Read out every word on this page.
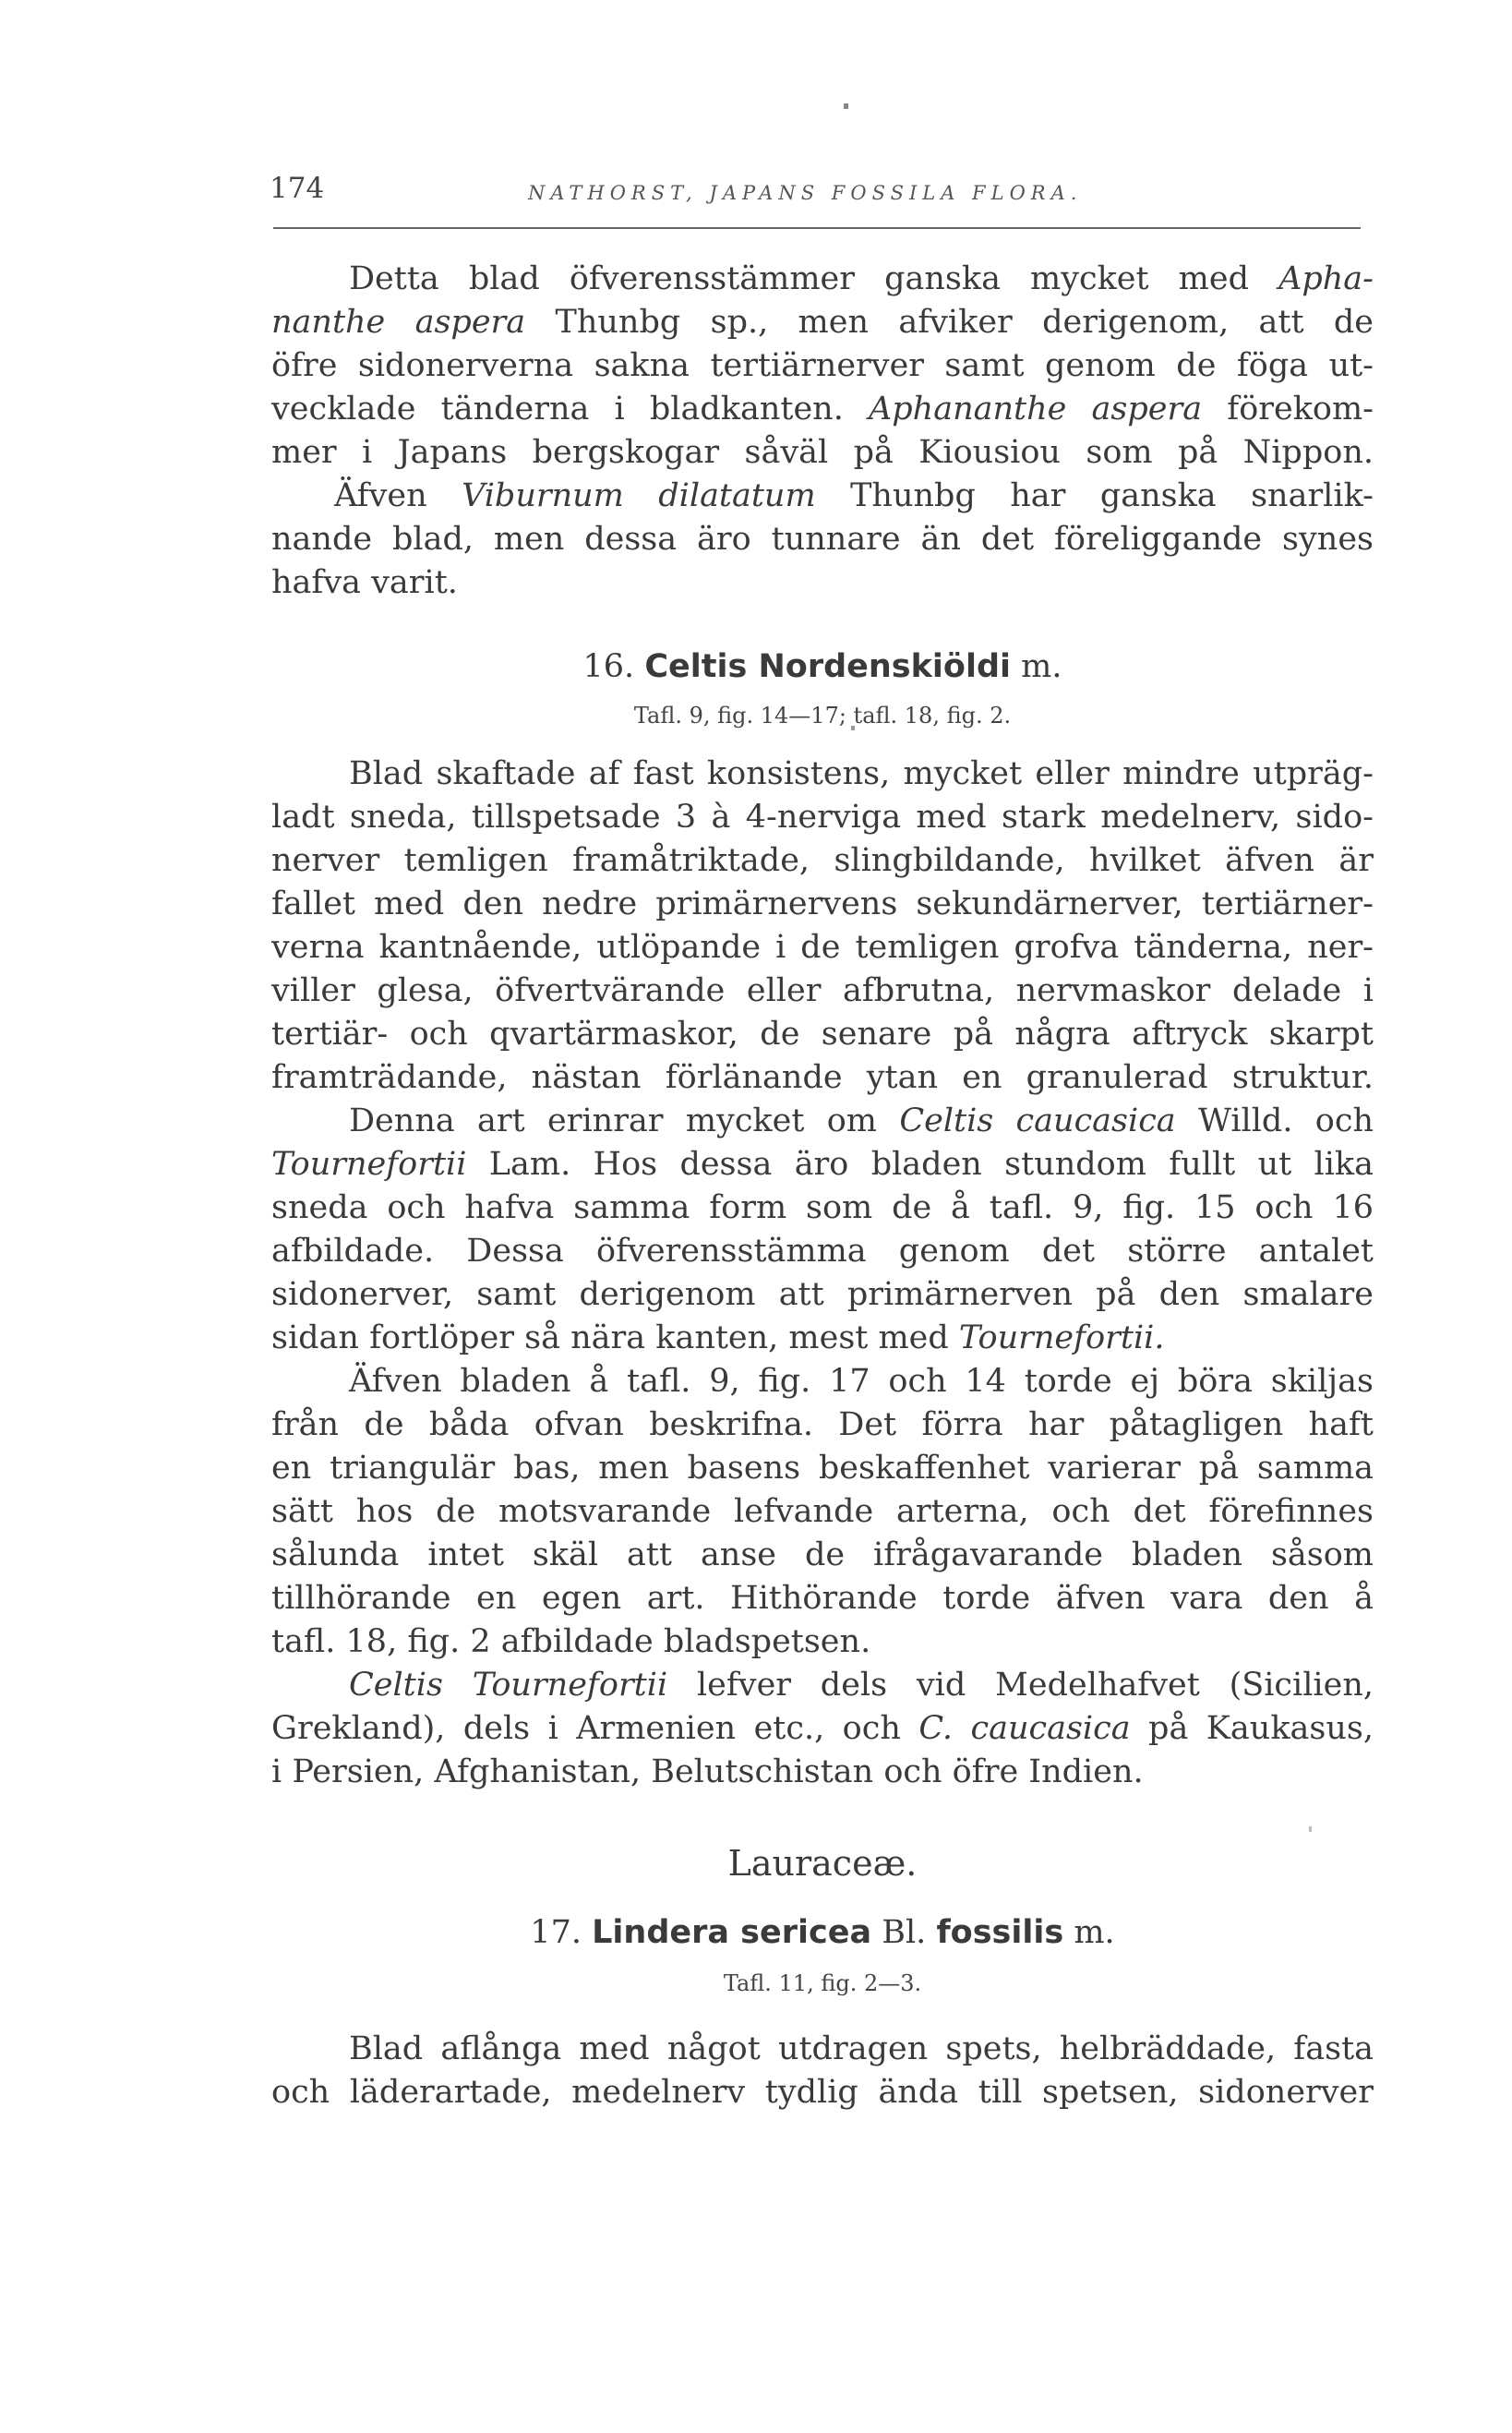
174	NATHORST, JAPANS FOSSILA FLORA.
Detta blad öfverensstämmer ganska mycket med Apha-
nanthe aspera Thunbg sp., men afviker derigenom, att de
öfre sidonerverna sakna tertiärnerver samt genom de föga ut-
vecklade tänderna i bladkanten. Aphananthe aspera förekom-
mer i Japans bergskogar såväl på Kiousiou som på Nippon.
Äfven Viburnum dilatatum Thunbg har ganska snarlik-
nande blad, men dessa äro tunnare än det föreliggande synes
hafva varit.
16. Celtis Nordenskiöldi m.
Tafl. 9, fig. 14—17; tafl. 18, fig. 2.
Blad skaftade af fast konsistens, mycket eller mindre utpräg-
ladt sneda, tillspetsade 3 à 4-nerviga med stark medelnerv, sido-
nerver temligen framåtriktade, slingbildande, hvilket äfven är
fallet med den nedre primärnervens sekundärnerver, tertiärner-
verna kantnående, utlöpande i de temligen grofva tänderna, ner-
viller glesa, öfvertvärande eller afbrutna, nervmaskor delade i
tertiär- och qvartärmaskor, de senare på några aftryck skarpt
framträdande, nästan förlänande ytan en granulerad struktur.
Denna art erinrar mycket om Celtis caucasica Willd. och
Tournefortii Lam. Hos dessa äro bladen stundom fullt ut lika
sneda och hafva samma form som de å tafl. 9, fig. 15 och 16
afbildade. Dessa öfverensstämma genom det större antalet
sidonerver, samt derigenom att primärnerven på den smalare
sidan fortlöper så nära kanten, mest med Tournefortii.
Äfven bladen å tafl. 9, fig. 17 och 14 torde ej böra skiljas
från de båda ofvan beskrifna. Det förra har påtagligen haft
en triangulär bas, men basens beskaffenhet varierar på samma
sätt hos de motsvarande lefvande arterna, och det förefinnes
sålunda intet skäl att anse de ifrågavarande bladen såsom
tillhörande en egen art. Hithörande torde äfven vara den å
tafl. 18, fig. 2 afbildade bladspetsen.
Celtis Tournefortii lefver dels vid Medelhafvet (Sicilien,
Grekland), dels i Armenien etc., och C. caucasica på Kaukasus,
i Persien, Afghanistan, Belutschistan och öfre Indien.
Lauraceæ.
17. Lindera sericea Bl. fossilis m.
Tafl. 11, fig. 2—3.
Blad aflånga med något utdragen spets, helbräddade, fasta
och läderartade, medelnerv tydlig ända till spetsen, sidonerver
